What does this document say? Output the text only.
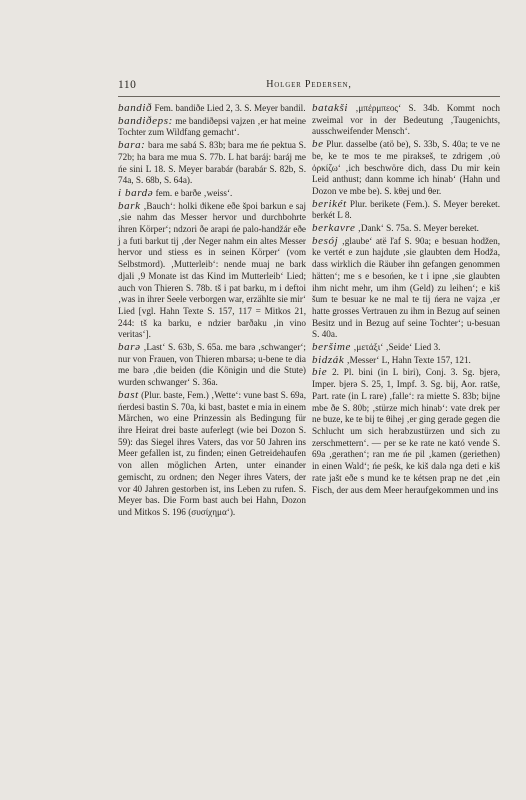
110	Holger Pedersen,

bandið Fem. bandiðe Lied 2, 3. S. Meyer bandil.

bandiðeps: me bandiðepsi vajzen ‚er hat meine Tochter zum Wildfang gemacht‘.

bara: bara me sabá S. 83b; bara me ńe pektua S. 72b; ha bara me mua S. 77b. L hat baráj: baráj me ńe sini L 18. S. Meyer barabár (barabár S. 82b, S. 74a, S. 68b, S. 64a).

i bardə fem. e barðe ‚weiss‘.

bark ‚Bauch‘: holki ϑikene eðe špoi barkun e saj ‚sie nahm das Messer hervor und durchbohrte ihren Körper‘; ndzori ðe arapi ńe palo-handžár eðe j a futi barkut tij ‚der Neger nahm ein altes Messer hervor und stiess es in seinen Körper‘ (vom Selbstmord). ‚Mutterleib‘: nende muaj ne bark djali ‚9 Monate ist das Kind im Mutterleib‘ Lied; auch von Thieren S. 78b. tš i pat barku, m i deftoi ‚was in ihrer Seele verborgen war, erzählte sie mir‘ Lied [vgl. Hahn Texte S. 157, 117 = Mitkos 21, 244: tš ka barku, e ndzier barðaku ‚in vino veritas‘].

barə ‚Last‘ S. 63b, S. 65a. me barə ‚schwanger‘; nur von Frauen, von Thieren mbarsə; u-bene te dia me barə ‚die beiden (die Königin und die Stute) wurden schwanger‘ S. 36a.

bast (Plur. baste, Fem.) ‚Wette‘: vune bast S. 69a, ńerdesi bastin S. 70a, ki bast, bastet e mia in einem Märchen, wo eine Prinzessin als Bedingung für ihre Heirat drei baste auferlegt (wie bei Dozon S. 59): das Siegel ihres Vaters, das vor 50 Jahren ins Meer gefallen ist, zu finden; einen Getreidehaufen von allen möglichen Arten, unter einander gemischt, zu ordnen; den Neger ihres Vaters, der vor 40 Jahren gestorben ist, ins Leben zu rufen. S. Meyer bas. Die Form bast auch bei Hahn, Dozon und Mitkos S. 196 (συσίχημα‘).

batakši ‚μπέρμπεος‘ S. 34b. Kommt noch zweimal vor in der Bedeutung ‚Taugenichts, ausschweifender Mensch‘.

be Plur. dasselbe (atö be), S. 33b, S. 40a; te ve ne be, ke te mos te me pirakseš, te zdrigem ‚οὐ ὁρκίζω‘ ‚ich beschwöre dich, dass Du mir kein Leid anthust; dann komme ich hinab‘ (Hahn und Dozon ve mbe be). S. kθej und θer.

berikét Plur. berikete (Fem.). S. Meyer bereket. berkét L 8.

berkavre ‚Dank‘ S. 75a. S. Meyer bereket.

besój ‚glaube‘ atë ľaf S. 90a; e besuan hodžen, ke vertét e zun hajdute ‚sie glaubten dem Hodža, dass wirklich die Räuber ihn gefangen genommen hätten‘; me s e besońen, ke t i ipne ‚sie glaubten ihm nicht mehr, um ihm (Geld) zu leihen‘; e kiš šum te besuar ke ne mal te tij ńera ne vajza ‚er hatte grosses Vertrauen zu ihm in Bezug auf seinen Besitz und in Bezug auf seine Tochter‘; u-besuan S. 40a.

beršime ‚μετάξι‘ ‚Seide‘ Lied 3.

bidzák ‚Messer‘ L, Hahn Texte 157, 121.

bie 2. Pl. bini (in L biri), Conj. 3. Sg. bjerə, Imper. bjerə S. 25, 1, Impf. 3. Sg. bij, Aor. ratše, Part. rate (in L rare) ‚falle‘: ra miette S. 83b; bijne mbe ðe S. 80b; ‚stürze mich hinab‘: vate drek per ne buze, ke te bij te θihej ‚er ging gerade gegen die Schlucht um sich herabzustürzen und sich zu zerschmettern‘. — per se ke rate ne kató vende S. 69a ‚gerathen‘; ran me ńe pil ‚kamen (geriethen) in einen Wald‘; ńe peśk, ke kiš dalə nga deti e kiš rate jašt eðe s mund ke te kétsen prap ne det ‚ein Fisch, der aus dem Meer heraufgekommen und ins
